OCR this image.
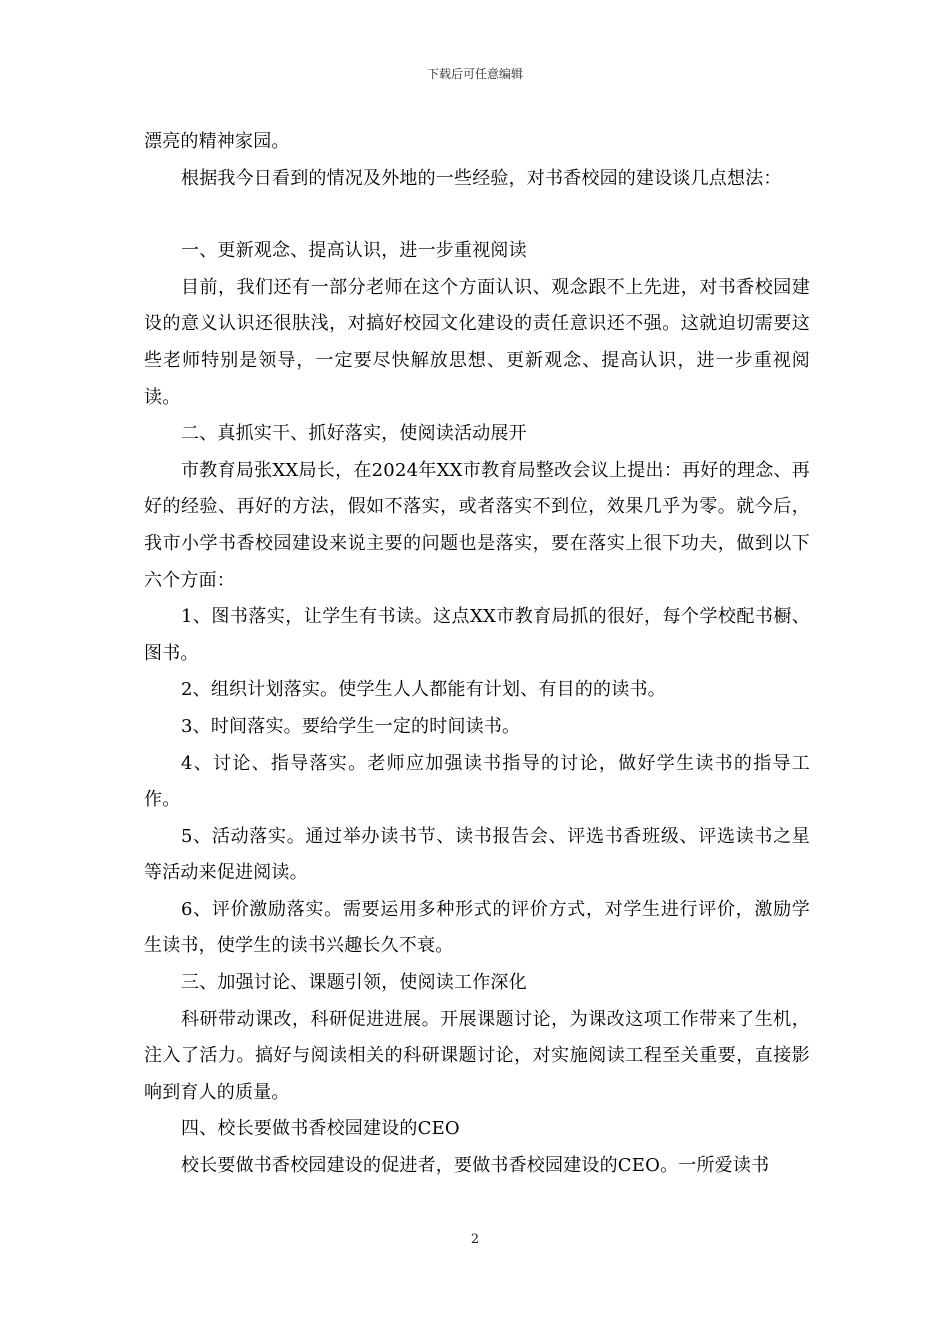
下载后可任意编辑

漂亮的精神家园。

根据我今日看到的情况及外地的一些经验，对书香校园的建设谈几点想法：

一、更新观念、提高认识，进一步重视阅读

目前，我们还有一部分老师在这个方面认识、观念跟不上先进，对书香校园建设的意义认识还很肤浅，对搞好校园文化建设的责任意识还不强。这就迫切需要这些老师特别是领导，一定要尽快解放思想、更新观念、提高认识，进一步重视阅读。

二、真抓实干、抓好落实，使阅读活动展开

市教育局张XX局长，在2024年XX市教育局整改会议上提出：再好的理念、再好的经验、再好的方法，假如不落实，或者落实不到位，效果几乎为零。就今后，我市小学书香校园建设来说主要的问题也是落实，要在落实上很下功夫，做到以下六个方面：

1、图书落实，让学生有书读。这点XX市教育局抓的很好，每个学校配书橱、图书。

2、组织计划落实。使学生人人都能有计划、有目的的读书。

3、时间落实。要给学生一定的时间读书。

4、讨论、指导落实。老师应加强读书指导的讨论，做好学生读书的指导工作。

5、活动落实。通过举办读书节、读书报告会、评选书香班级、评选读书之星等活动来促进阅读。

6、评价激励落实。需要运用多种形式的评价方式，对学生进行评价，激励学生读书，使学生的读书兴趣长久不衰。

三、加强讨论、课题引领，使阅读工作深化

科研带动课改，科研促进进展。开展课题讨论，为课改这项工作带来了生机，注入了活力。搞好与阅读相关的科研课题讨论，对实施阅读工程至关重要，直接影响到育人的质量。

四、校长要做书香校园建设的CEO

校长要做书香校园建设的促进者，要做书香校园建设的CEO。一所爱读书

2
